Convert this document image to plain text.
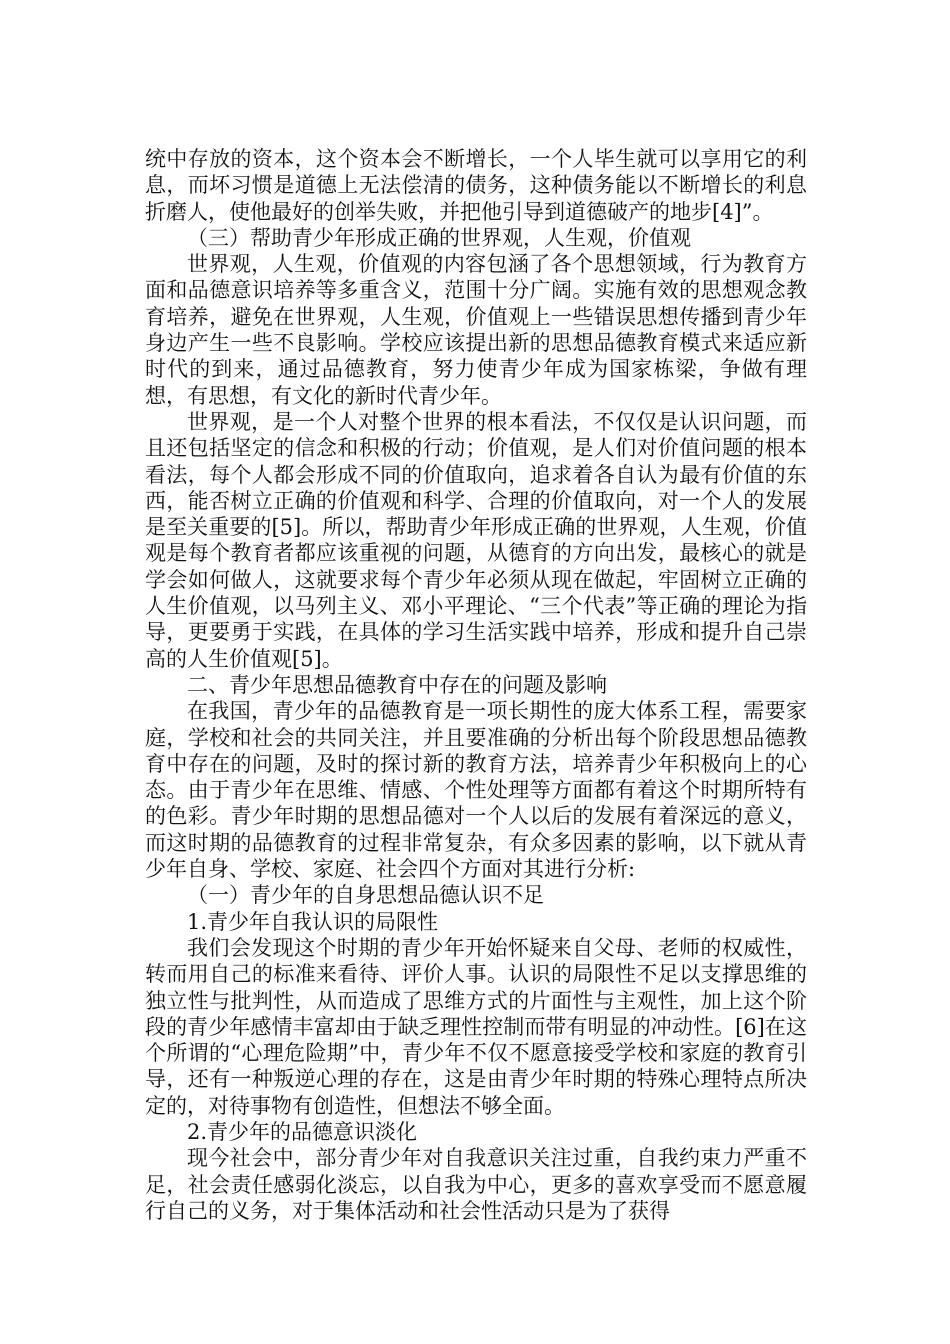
统中存放的资本，这个资本会不断增长，一个人毕生就可以享用它的利息，而坏习惯是道德上无法偿清的债务，这种债务能以不断增长的利息折磨人，使他最好的创举失败，并把他引导到道德破产的地步[4]”。

（三）帮助青少年形成正确的世界观，人生观，价值观

世界观，人生观，价值观的内容包涵了各个思想领域，行为教育方面和品德意识培养等多重含义，范围十分广阔。实施有效的思想观念教育培养，避免在世界观，人生观，价值观上一些错误思想传播到青少年身边产生一些不良影响。学校应该提出新的思想品德教育模式来适应新时代的到来，通过品德教育，努力使青少年成为国家栋梁，争做有理想，有思想，有文化的新时代青少年。

世界观，是一个人对整个世界的根本看法，不仅仅是认识问题，而且还包括坚定的信念和积极的行动；价值观，是人们对价值问题的根本看法，每个人都会形成不同的价值取向，追求着各自认为最有价值的东西，能否树立正确的价值观和科学、合理的价值取向，对一个人的发展是至关重要的[5]。所以，帮助青少年形成正确的世界观，人生观，价值观是每个教育者都应该重视的问题，从德育的方向出发，最核心的就是学会如何做人，这就要求每个青少年必须从现在做起，牢固树立正确的人生价值观，以马列主义、邓小平理论、“三个代表”等正确的理论为指导，更要勇于实践，在具体的学习生活实践中培养，形成和提升自己崇高的人生价值观[5]。

二、青少年思想品德教育中存在的问题及影响

在我国，青少年的品德教育是一项长期性的庞大体系工程，需要家庭，学校和社会的共同关注，并且要准确的分析出每个阶段思想品德教育中存在的问题，及时的探讨新的教育方法，培养青少年积极向上的心态。由于青少年在思维、情感、个性处理等方面都有着这个时期所特有的色彩。青少年时期的思想品德对一个人以后的发展有着深远的意义，而这时期的品德教育的过程非常复杂，有众多因素的影响，以下就从青少年自身、学校、家庭、社会四个方面对其进行分析:

（一）青少年的自身思想品德认识不足

1.青少年自我认识的局限性

我们会发现这个时期的青少年开始怀疑来自父母、老师的权威性，转而用自己的标准来看待、评价人事。认识的局限性不足以支撑思维的独立性与批判性，从而造成了思维方式的片面性与主观性，加上这个阶段的青少年感情丰富却由于缺乏理性控制而带有明显的冲动性。[6]在这个所谓的“心理危险期”中，青少年不仅不愿意接受学校和家庭的教育引导，还有一种叛逆心理的存在，这是由青少年时期的特殊心理特点所决定的，对待事物有创造性，但想法不够全面。

2.青少年的品德意识淡化

现今社会中，部分青少年对自我意识关注过重，自我约束力严重不足，社会责任感弱化淡忘，以自我为中心，更多的喜欢享受而不愿意履行自己的义务，对于集体活动和社会性活动只是为了获得
